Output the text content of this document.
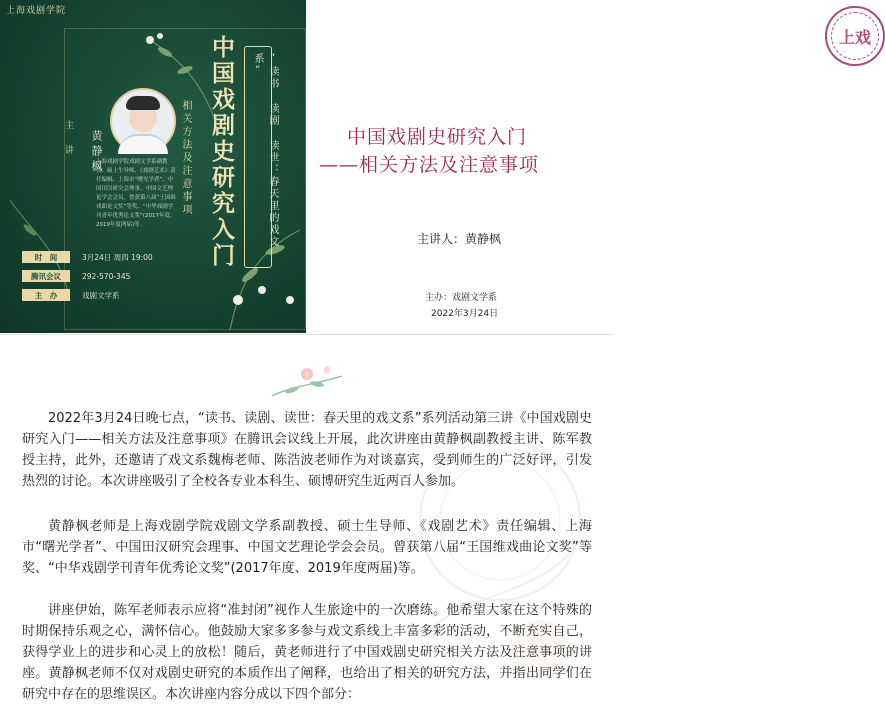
上海戏剧学院
中国戏剧史研究入门
相关方法及注意事项	“读书 读剧 读世：春天里的戏文系”
主讲 黄静枫
上海戏剧学院戏剧文学系副教授、硕士生导师、《戏剧艺术》责任编辑、上海市“曙光学者”、中国田汉研究会理事、中国文艺理论学会会员。曾获第八届“王国维戏曲论文奖”等奖、“中华戏剧学刊青年优秀论文奖”(2017年度、2019年度两届)等。
时　间	3月24日 周四 19:00
腾讯会议	292-570-345
主　办	戏剧文学系
上戏
中国戏剧史研究入门
——相关方法及注意事项
主讲人：黄静枫
主办：戏剧文学系
2022年3月24日
2022年3月24日晚七点，“读书、读剧、读世：春天里的戏文系”系列活动第三讲《中国戏剧史研究入门——相关方法及注意事项》在腾讯会议线上开展，此次讲座由黄静枫副教授主讲、陈军教授主持，此外，还邀请了戏文系魏梅老师、陈浩波老师作为对谈嘉宾，受到师生的广泛好评，引发热烈的讨论。本次讲座吸引了全校各专业本科生、硕博研究生近两百人参加。
黄静枫老师是上海戏剧学院戏剧文学系副教授、硕士生导师、《戏剧艺术》责任编辑、上海市“曙光学者”、中国田汉研究会理事、中国文艺理论学会会员。曾获第八届“王国维戏曲论文奖”等奖、“中华戏剧学刊青年优秀论文奖”(2017年度、2019年度两届)等。
讲座伊始，陈军老师表示应将“准封闭”视作人生旅途中的一次磨练。他希望大家在这个特殊的时期保持乐观之心，满怀信心。他鼓励大家多多参与戏文系线上丰富多彩的活动，不断充实自己，获得学业上的进步和心灵上的放松！随后，黄老师进行了中国戏剧史研究相关方法及注意事项的讲座。黄静枫老师不仅对戏剧史研究的本质作出了阐释，也给出了相关的研究方法，并指出同学们在研究中存在的思维误区。本次讲座内容分成以下四个部分：
